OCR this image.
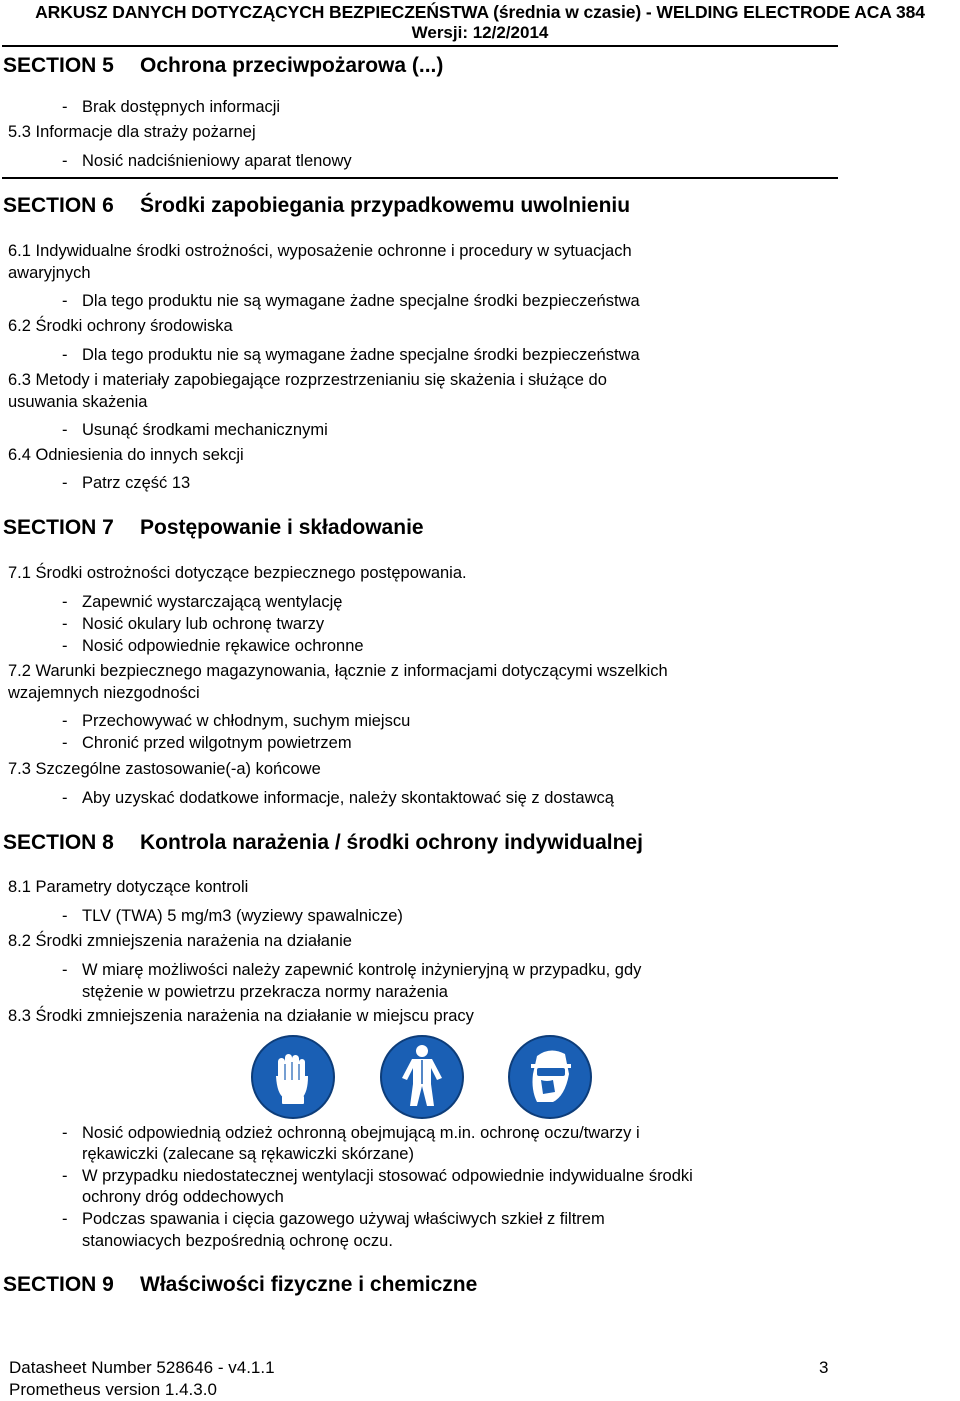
ARKUSZ DANYCH DOTYCZĄCYCH BEZPIECZEŃSTWA (średnia w czasie) - WELDING ELECTRODE ACA 384
Wersji: 12/2/2014
SECTION 5 Ochrona przeciwpożarowa (...)
- Brak dostępnych informacji
5.3 Informacje dla straży pożarnej
- Nosić nadciśnieniowy aparat tlenowy
SECTION 6 Środki zapobiegania przypadkowemu uwolnieniu
6.1 Indywidualne środki ostrożności, wyposażenie ochronne i procedury w sytuacjach
awaryjnych
- Dla tego produktu nie są wymagane żadne specjalne środki bezpieczeństwa
6.2 Środki ochrony środowiska
- Dla tego produktu nie są wymagane żadne specjalne środki bezpieczeństwa
6.3 Metody i materiały zapobiegające rozprzestrzenianiu się skażenia i służące do
usuwania skażenia
- Usunąć środkami mechanicznymi
6.4 Odniesienia do innych sekcji
- Patrz część 13
SECTION 7 Postępowanie i składowanie
7.1 Środki ostrożności dotyczące bezpiecznego postępowania.
- Zapewnić wystarczającą wentylację
- Nosić okulary lub ochronę twarzy
- Nosić odpowiednie rękawice ochronne
7.2 Warunki bezpiecznego magazynowania, łącznie z informacjami dotyczącymi wszelkich
wzajemnych niezgodności
- Przechowywać w chłodnym, suchym miejscu
- Chronić przed wilgotnym powietrzem
7.3 Szczególne zastosowanie(-a) końcowe
- Aby uzyskać dodatkowe informacje, należy skontaktować się z dostawcą
SECTION 8 Kontrola narażenia / środki ochrony indywidualnej
8.1 Parametry dotyczące kontroli
- TLV (TWA) 5 mg/m3 (wyziewy spawalnicze)
8.2 Środki zmniejszenia narażenia na działanie
- W miarę możliwości należy zapewnić kontrolę inżynieryjną w przypadku, gdy
stężenie w powietrzu przekracza normy narażenia
8.3 Środki zmniejszenia narażenia na działanie w miejscu pracy
- Nosić odpowiednią odzież ochronną obejmującą m.in. ochronę oczu/twarzy i
rękawiczki (zalecane są rękawiczki skórzane)
- W przypadku niedostatecznej wentylacji stosować odpowiednie indywidualne środki
ochrony dróg oddechowych
- Podczas spawania i cięcia gazowego używaj właściwych szkieł z filtrem
stanowiacych bezpośrednią ochronę oczu.
SECTION 9 Właściwości fizyczne i chemiczne
Datasheet Number 528646 - v4.1.1
Prometheus version 1.4.3.0
3
